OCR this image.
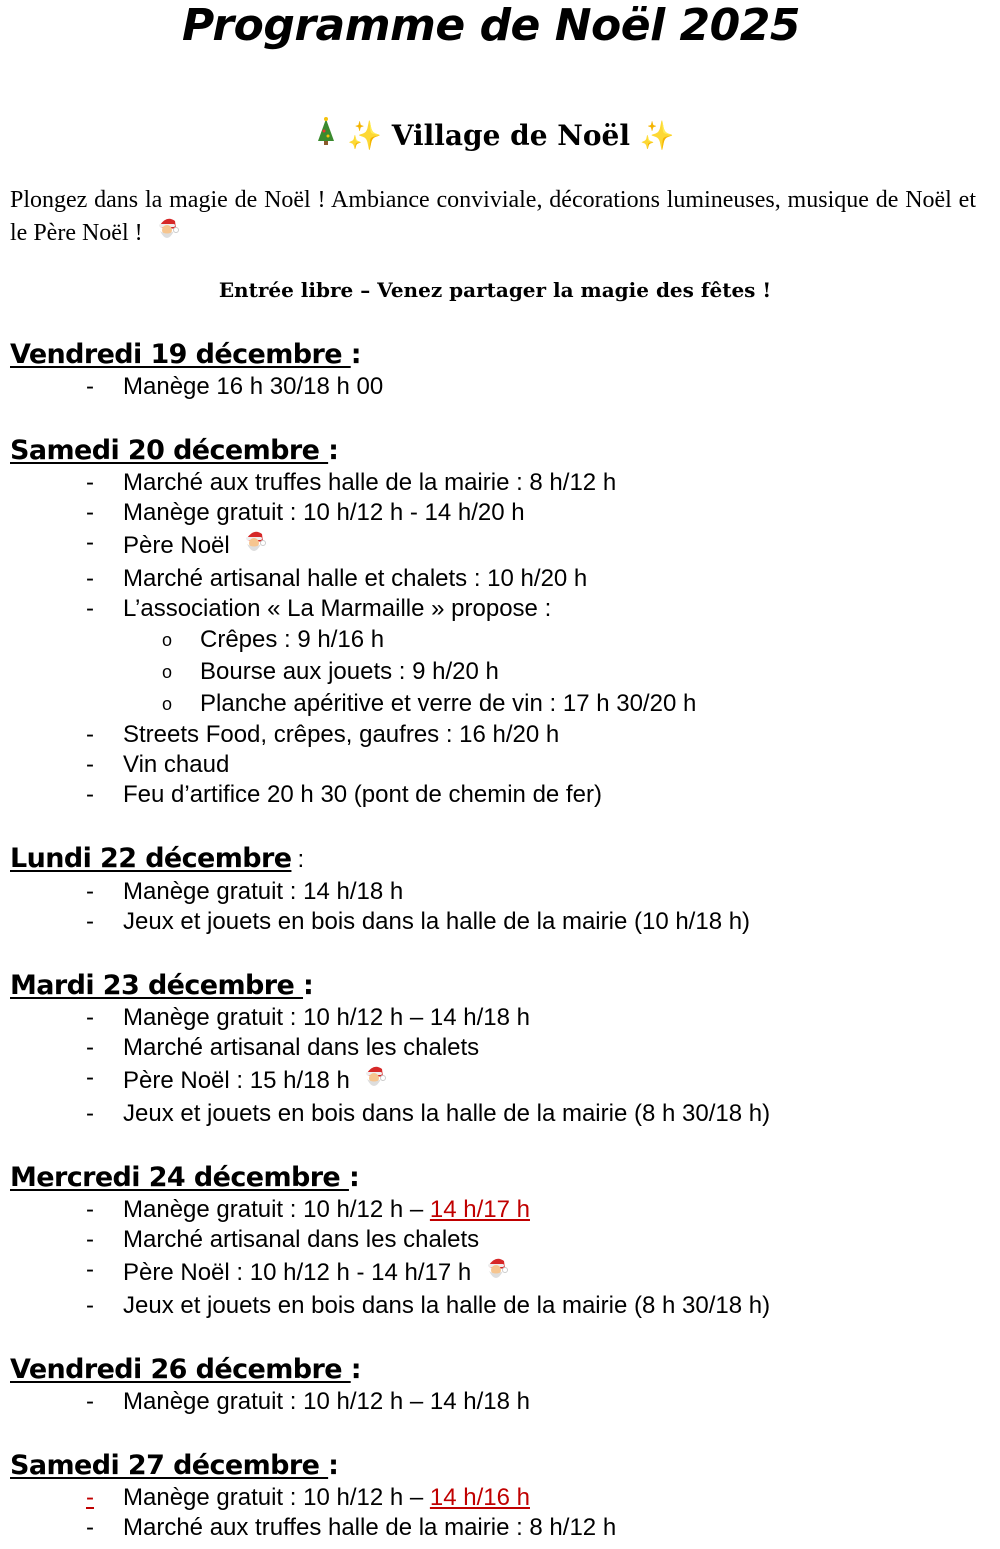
Programme de Noël 2025
✨ Village de Noël ✨
Plongez dans la magie de Noël ! Ambiance conviviale, décorations lumineuses, musique de Noël et le Père Noël !
Entrée libre – Venez partager la magie des fêtes !
Vendredi 19 décembre :
- Manège 16 h 30/18 h 00
Samedi 20 décembre :
- Marché aux truffes halle de la mairie : 8 h/12 h
- Manège gratuit : 10 h/12 h - 14 h/20 h
- Père Noël
- Marché artisanal halle et chalets : 10 h/20 h
- L’association « La Marmaille » propose :
o Crêpes : 9 h/16 h
o Bourse aux jouets : 9 h/20 h
o Planche apéritive et verre de vin : 17 h 30/20 h
- Streets Food, crêpes, gaufres : 16 h/20 h
- Vin chaud
- Feu d’artifice 20 h 30 (pont de chemin de fer)
Lundi 22 décembre :
- Manège gratuit : 14 h/18 h
- Jeux et jouets en bois dans la halle de la mairie (10 h/18 h)
Mardi 23 décembre :
- Manège gratuit : 10 h/12 h – 14 h/18 h
- Marché artisanal dans les chalets
- Père Noël : 15 h/18 h
- Jeux et jouets en bois dans la halle de la mairie (8 h 30/18 h)
Mercredi 24 décembre :
- Manège gratuit : 10 h/12 h – 14 h/17 h
- Marché artisanal dans les chalets
- Père Noël : 10 h/12 h - 14 h/17 h
- Jeux et jouets en bois dans la halle de la mairie (8 h 30/18 h)
Vendredi 26 décembre :
- Manège gratuit : 10 h/12 h – 14 h/18 h
Samedi 27 décembre :
- Manège gratuit : 10 h/12 h – 14 h/16 h
- Marché aux truffes halle de la mairie : 8 h/12 h
